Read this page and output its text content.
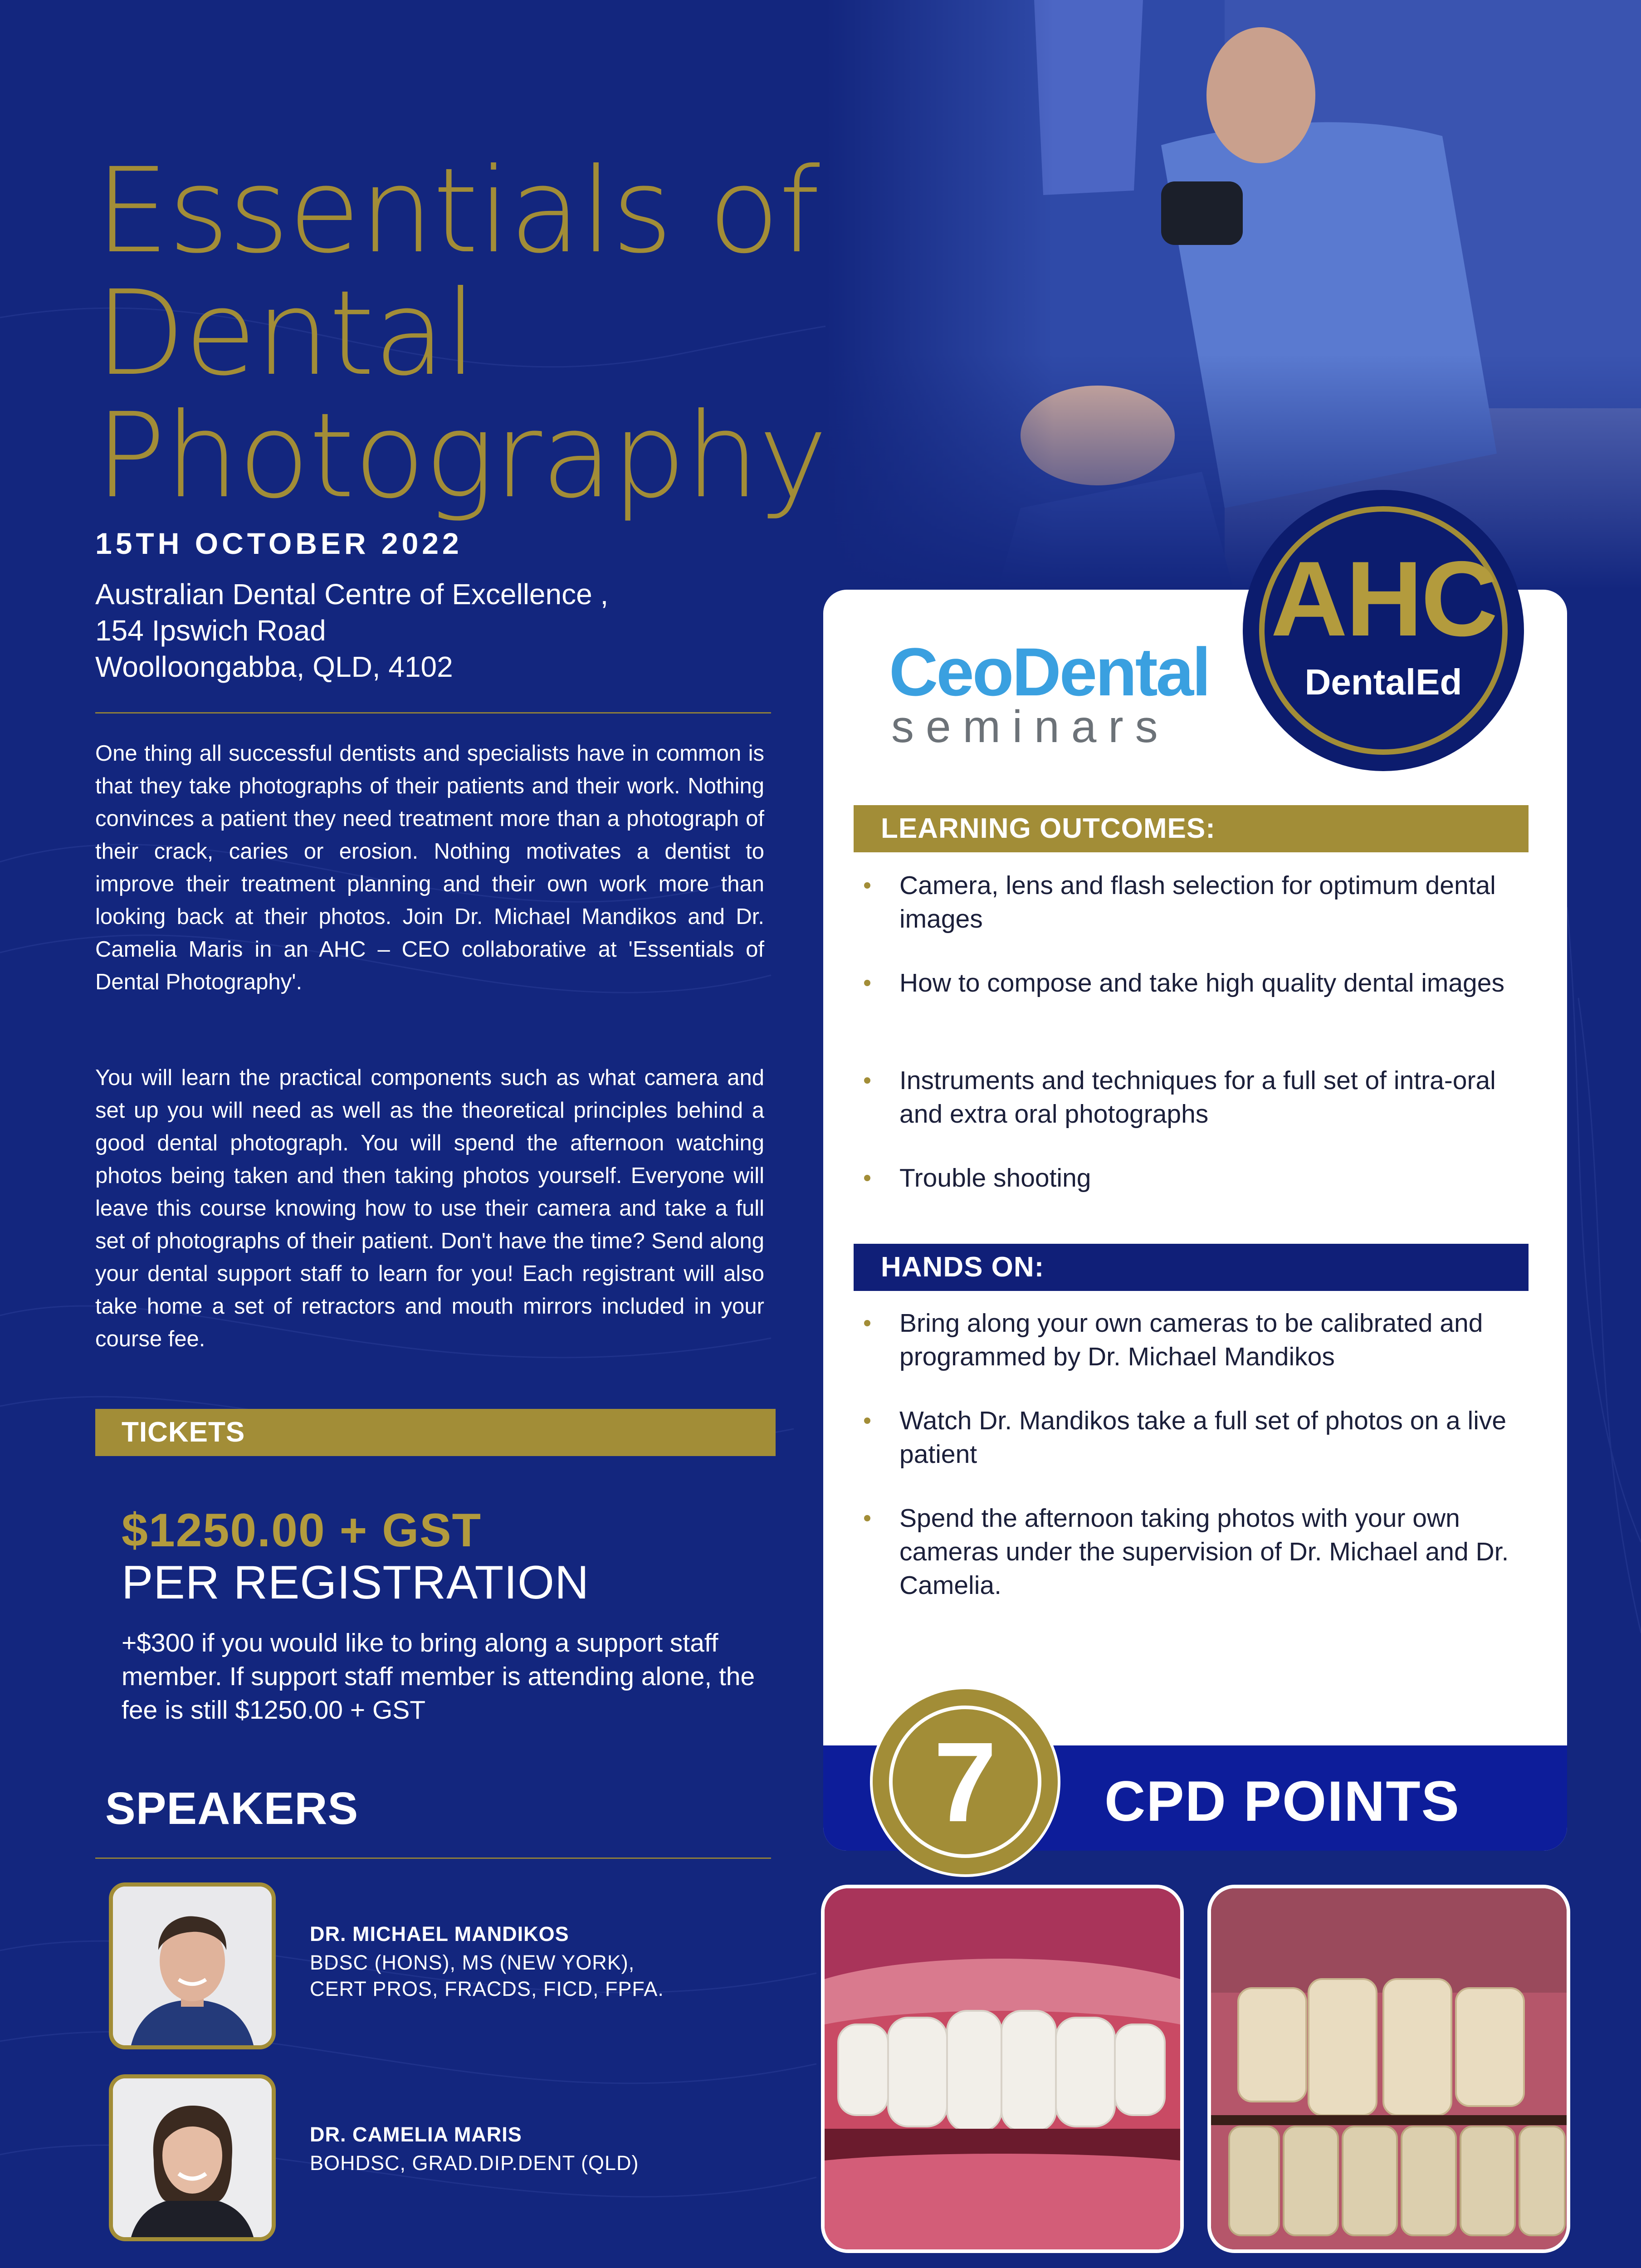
Essentials of
Dental
Photography
15TH OCTOBER 2022
Australian Dental Centre of Excellence ,
154 Ipswich Road
Woolloongabba, QLD, 4102
One thing all successful dentists and specialists have in common is that they take photographs of their patients and their work. Nothing convinces a patient they need treatment more than a photograph of their crack, caries or erosion. Nothing motivates a dentist to improve their treatment planning and their own work more than looking back at their photos. Join Dr. Michael Mandikos and Dr. Camelia Maris in an AHC – CEO collaborative at 'Essentials of Dental Photography'.
You will learn the practical components such as what camera and set up you will need as well as the theoretical principles behind a good dental photograph. You will spend the afternoon watching photos being taken and then taking photos yourself. Everyone will leave this course knowing how to use their camera and take a full set of photographs of their patient. Don't have the time? Send along your dental support staff to learn for you! Each registrant will also take home a set of retractors and mouth mirrors included in your course fee.
TICKETS
$1250.00 + GST
PER REGISTRATION
+$300 if you would like to bring along a support staff member. If support staff member is attending alone, the fee is still $1250.00 + GST
SPEAKERS
DR. MICHAEL MANDIKOS
BDSC (HONS), MS (NEW YORK),
CERT PROS, FRACDS, FICD, FPFA.
DR. CAMELIA MARIS
BOHDSC, GRAD.DIP.DENT (QLD)
CeoDental
seminars
AHC
DentalEd
LEARNING OUTCOMES:
Camera, lens and flash selection for optimum dental images
How to compose and take high quality dental images
Instruments and techniques for a full set of intra-oral and extra oral photographs
Trouble shooting
HANDS ON:
Bring along your own cameras to be calibrated and programmed by Dr. Michael Mandikos
Watch Dr. Mandikos take a full set of photos on a live patient
Spend the afternoon taking photos with your own cameras under the supervision of Dr. Michael and Dr. Camelia.
CPD POINTS
7
